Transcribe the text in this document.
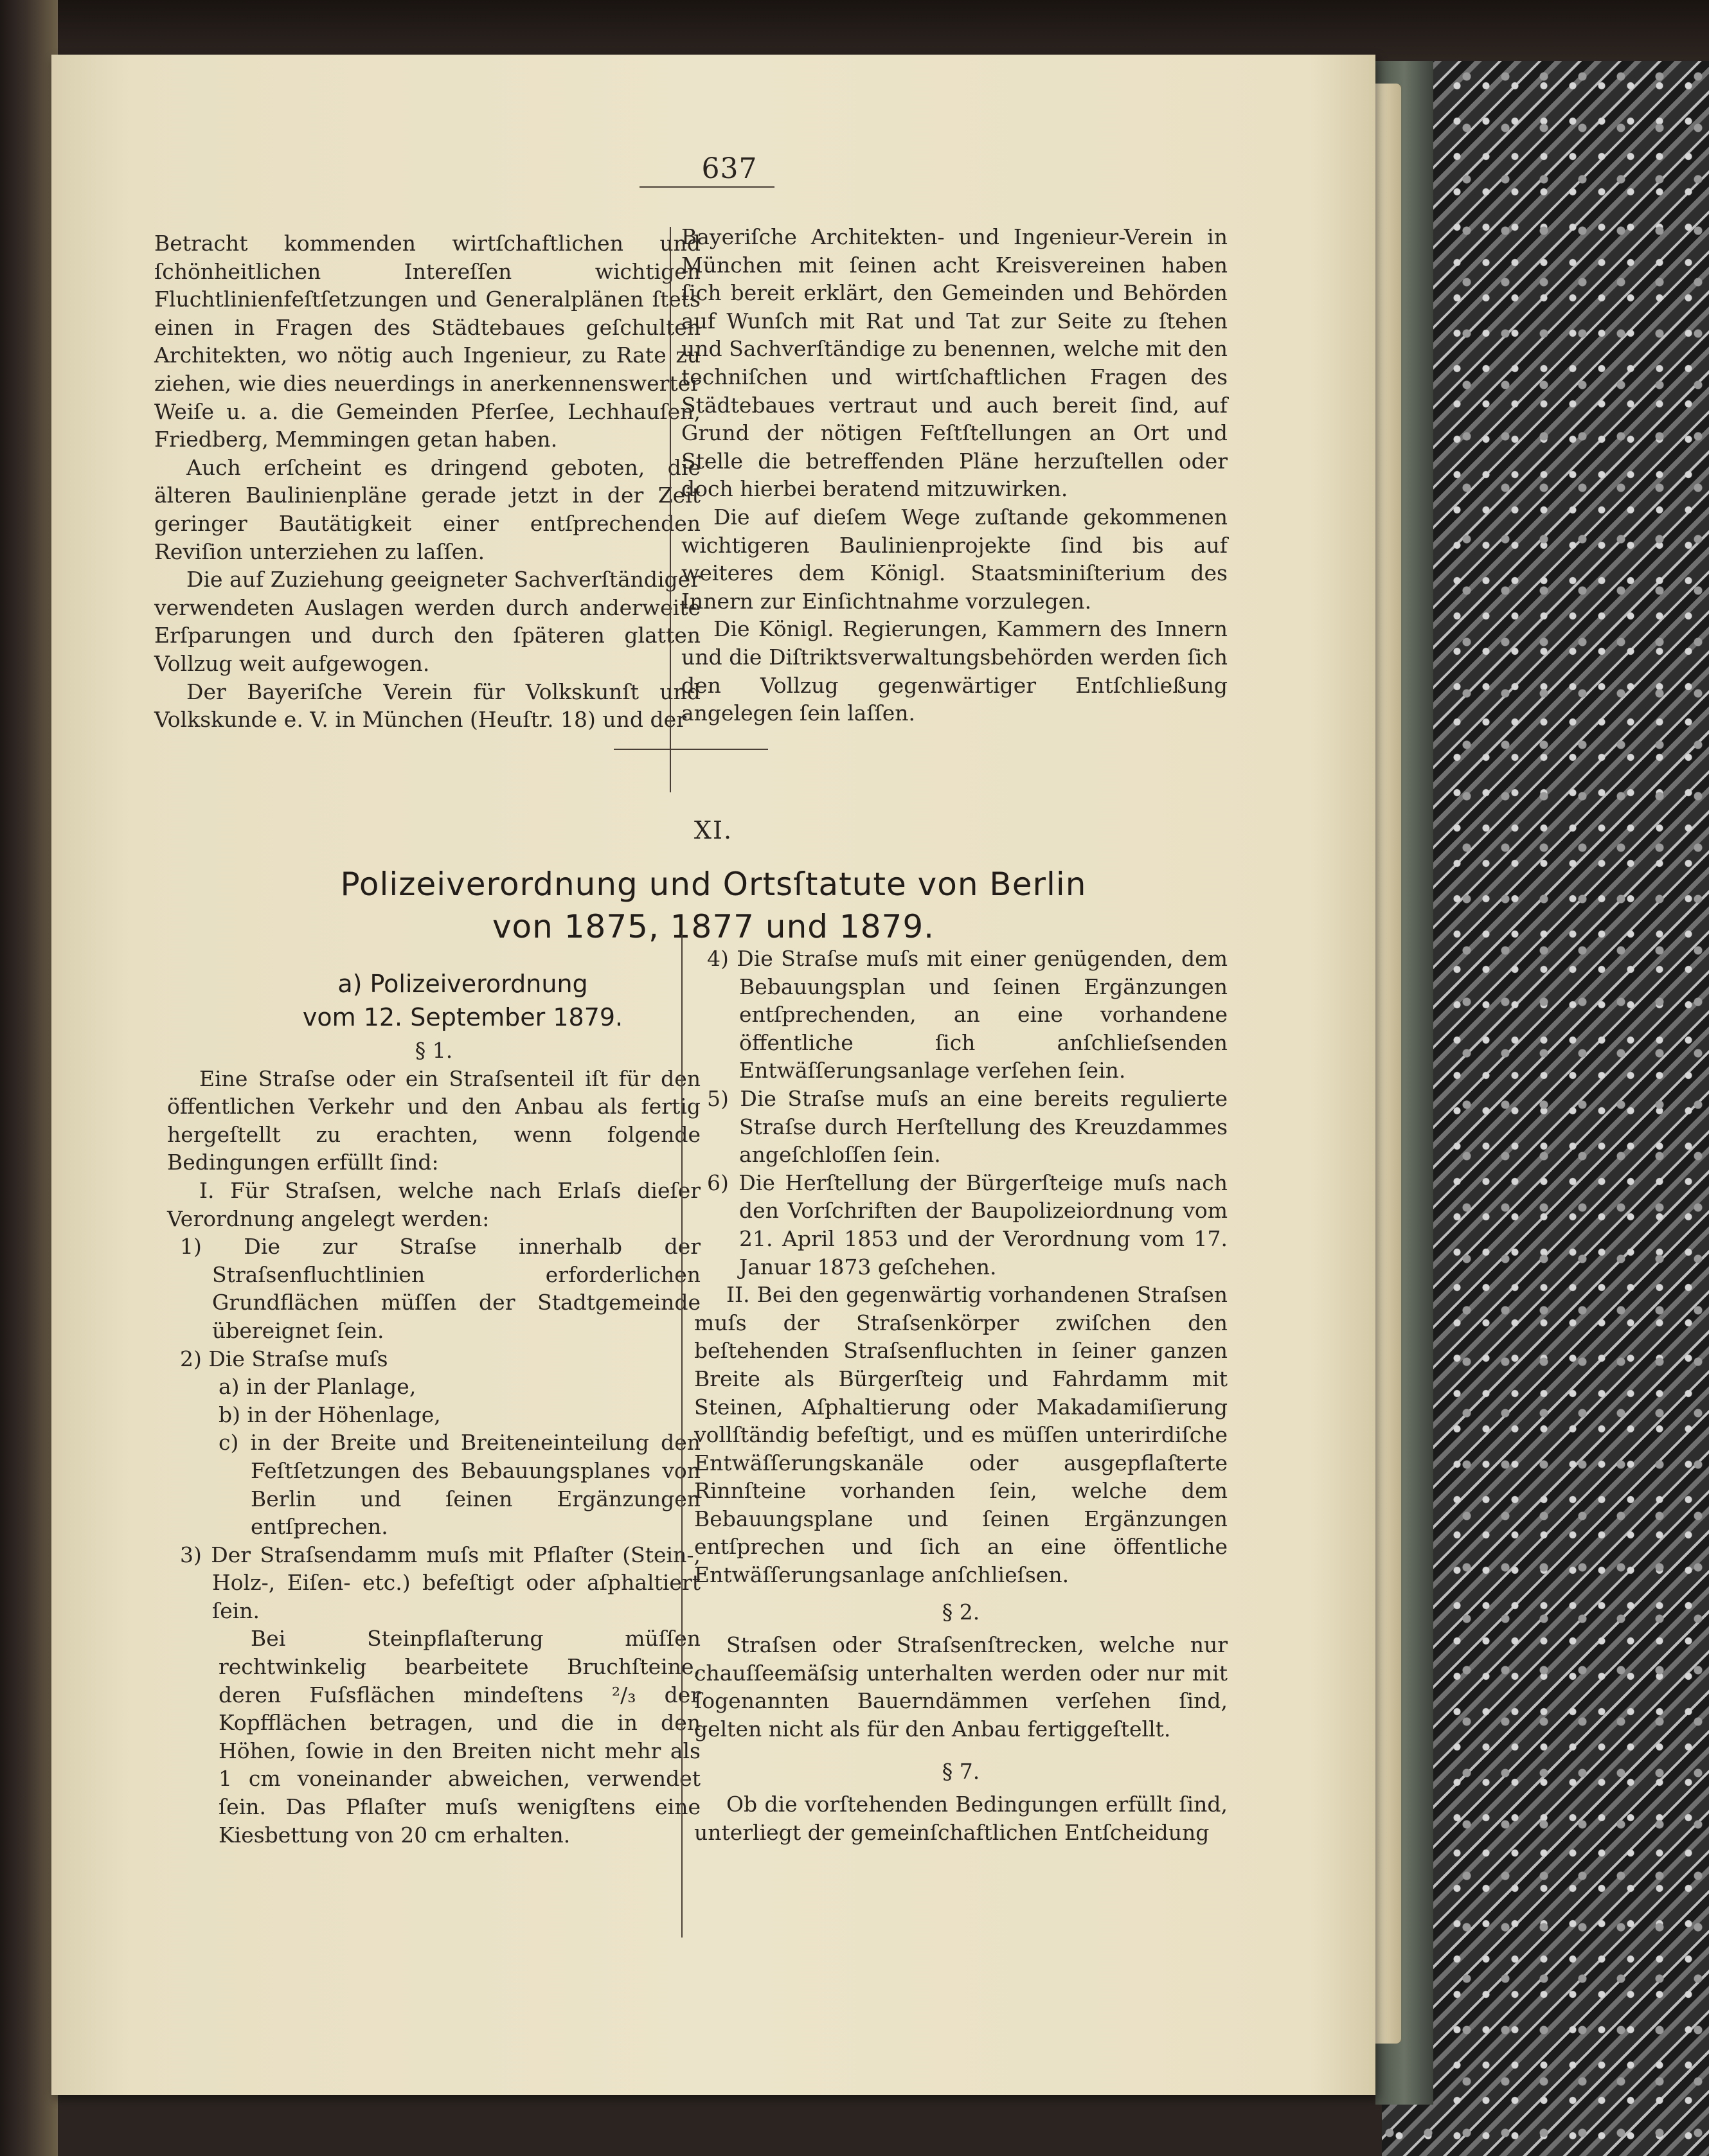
637

Betracht kommenden wirtſchaftlichen und ſchönheitlichen Intereſſen wichtigen Fluchtlinienfeſtſetzungen und Generalplänen ſtets einen in Fragen des Städtebaues geſchulten Architekten, wo nötig auch Ingenieur, zu Rate zu ziehen, wie dies neuerdings in anerkennenswerter Weiſe u. a. die Gemeinden Pferſee, Lechhauſen, Friedberg, Memmingen getan haben.

Auch erſcheint es dringend geboten, die älteren Baulinienpläne gerade jetzt in der Zeit geringer Bautätigkeit einer entſprechenden Reviſion unterziehen zu laſſen.

Die auf Zuziehung geeigneter Sachverſtändiger verwendeten Auslagen werden durch anderweite Erſparungen und durch den ſpäteren glatten Vollzug weit aufgewogen.

Der Bayeriſche Verein für Volkskunſt und Volkskunde e. V. in München (Heuſtr. 18) und der

Bayeriſche Architekten- und Ingenieur-Verein in München mit ſeinen acht Kreisvereinen haben ſich bereit erklärt, den Gemeinden und Behörden auf Wunſch mit Rat und Tat zur Seite zu ſtehen und Sachverſtändige zu benennen, welche mit den techniſchen und wirtſchaftlichen Fragen des Städtebaues vertraut und auch bereit ſind, auf Grund der nötigen Feſtſtellungen an Ort und Stelle die betreffenden Pläne herzuſtellen oder doch hierbei beratend mitzuwirken.

Die auf dieſem Wege zuſtande gekommenen wichtigeren Baulinienprojekte ſind bis auf weiteres dem Königl. Staatsminiſterium des Innern zur Einſichtnahme vorzulegen.

Die Königl. Regierungen, Kammern des Innern und die Diſtriktsverwaltungsbehörden werden ſich den Vollzug gegenwärtiger Entſchließung angelegen ſein laſſen.

XI.
Polizeiverordnung und Ortsſtatute von Berlin
von 1875, 1877 und 1879.
a) Polizeiverordnung
vom 12. September 1879.

§ 1.

Eine Straſse oder ein Straſsenteil iſt für den öffentlichen Verkehr und den Anbau als fertig hergeſtellt zu erachten, wenn folgende Bedingungen erfüllt ſind:

I. Für Straſsen, welche nach Erlaſs dieſer Verordnung angelegt werden:

1) Die zur Straſse innerhalb der Straſsenfluchtlinien erforderlichen Grundflächen müſſen der Stadtgemeinde übereignet ſein.

2) Die Straſse muſs

a) in der Planlage,

b) in der Höhenlage,

c) in der Breite und Breiteneinteilung den Feſtſetzungen des Bebauungsplanes von Berlin und ſeinen Ergänzungen entſprechen.

3) Der Straſsendamm muſs mit Pflaſter (Stein-, Holz-, Eiſen- etc.) befeſtigt oder aſphaltiert ſein.

Bei Steinpflaſterung müſſen rechtwinkelig bearbeitete Bruchſteine, deren Fuſsflächen mindeſtens ²/₃ der Kopfflächen betragen, und die in den Höhen, ſowie in den Breiten nicht mehr als 1 cm voneinander abweichen, verwendet ſein. Das Pflaſter muſs wenigſtens eine Kiesbettung von 20 cm erhalten.

4) Die Straſse muſs mit einer genügenden, dem Bebauungsplan und ſeinen Ergänzungen entſprechenden, an eine vorhandene öffentliche ſich anſchlieſsenden Entwäſſerungsanlage verſehen ſein.

5) Die Straſse muſs an eine bereits regulierte Straſse durch Herſtellung des Kreuzdammes angeſchloſſen ſein.

6) Die Herſtellung der Bürgerſteige muſs nach den Vorſchriften der Baupolizeiordnung vom 21. April 1853 und der Verordnung vom 17. Januar 1873 geſchehen.

II. Bei den gegenwärtig vorhandenen Straſsen muſs der Straſsenkörper zwiſchen den beſtehenden Straſsenfluchten in ſeiner ganzen Breite als Bürgerſteig und Fahrdamm mit Steinen, Aſphaltierung oder Makadamiſierung vollſtändig befeſtigt, und es müſſen unterirdiſche Entwäſſerungskanäle oder ausgepflaſterte Rinnſteine vorhanden ſein, welche dem Bebauungsplane und ſeinen Ergänzungen entſprechen und ſich an eine öffentliche Entwäſſerungsanlage anſchlieſsen.

§ 2.

Straſsen oder Straſsenſtrecken, welche nur chauſſeemäſsig unterhalten werden oder nur mit ſogenannten Bauerndämmen verſehen ſind, gelten nicht als für den Anbau fertiggeſtellt.

§ 7.

Ob die vorſtehenden Bedingungen erfüllt ſind, unterliegt der gemeinſchaftlichen Entſcheidung
